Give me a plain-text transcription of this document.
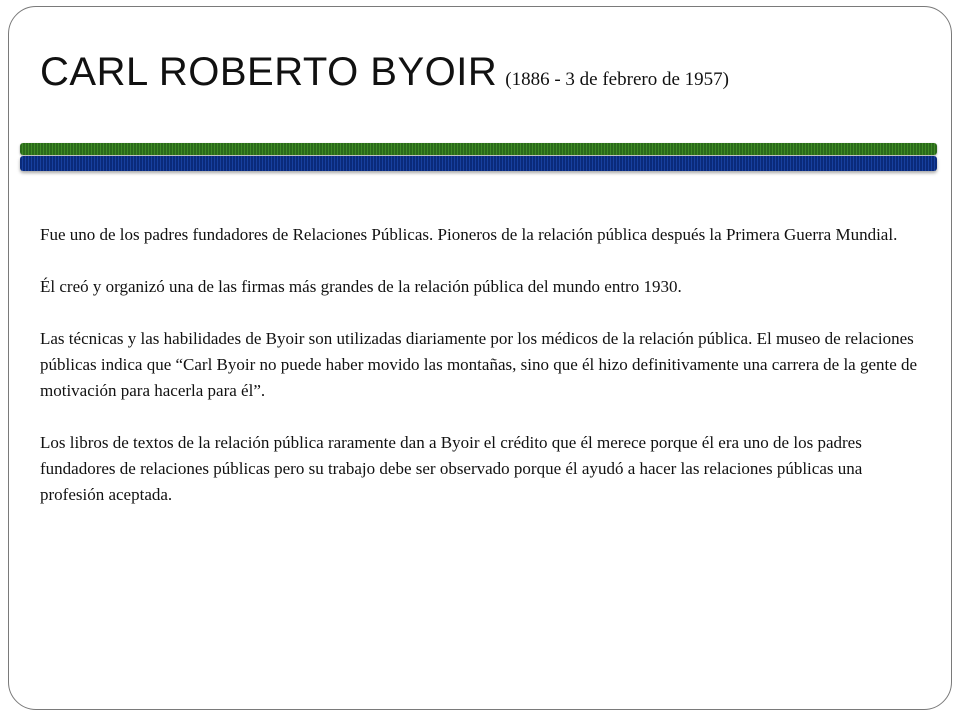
CARL ROBERTO BYOIR (1886 - 3 de febrero de 1957)

Fue uno de los padres fundadores de Relaciones Públicas. Pioneros de la relación pública después la Primera Guerra Mundial.

Él creó y organizó una de las firmas más grandes de la relación pública del mundo entro 1930.

Las técnicas y las habilidades de Byoir son utilizadas diariamente por los médicos de la relación pública. El museo de relaciones públicas indica que “Carl Byoir no puede haber movido las montañas, sino que él hizo definitivamente una carrera de la gente de motivación para hacerla para él”.

Los libros de textos de la relación pública raramente dan a Byoir el crédito que él merece porque él era uno de los padres fundadores de relaciones públicas pero su trabajo debe ser observado porque él ayudó a hacer las relaciones públicas una profesión aceptada.
